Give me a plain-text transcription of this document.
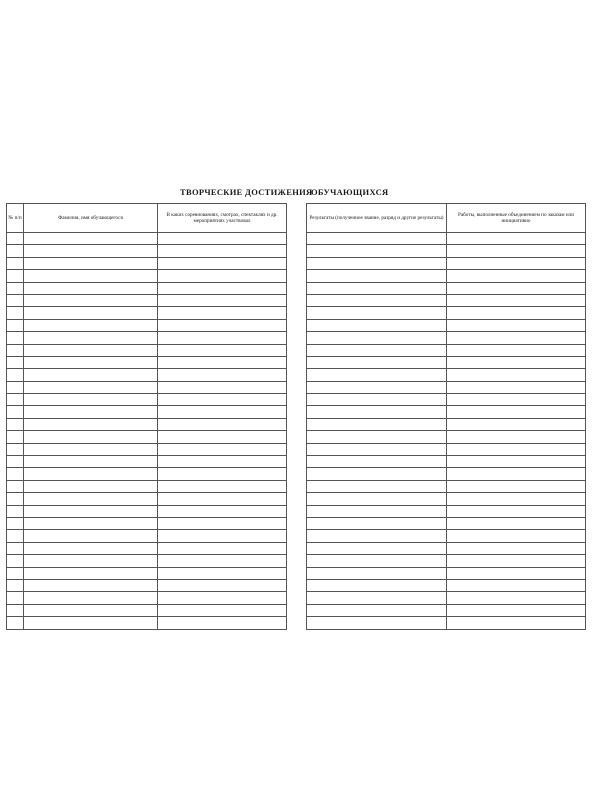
ТВОРЧЕСКИЕ ДОСТИЖЕНИЯ
ОБУЧАЮЩИХСЯ
№ п/п	Фамилия, имя обучающегося	В каких соревнованиях, смотрах, спектаклях и др. мероприятиях участвовал

Результаты (полученное звание, разряд и другие результаты)	Работы, выполненные объединением по заказам или инициативно
